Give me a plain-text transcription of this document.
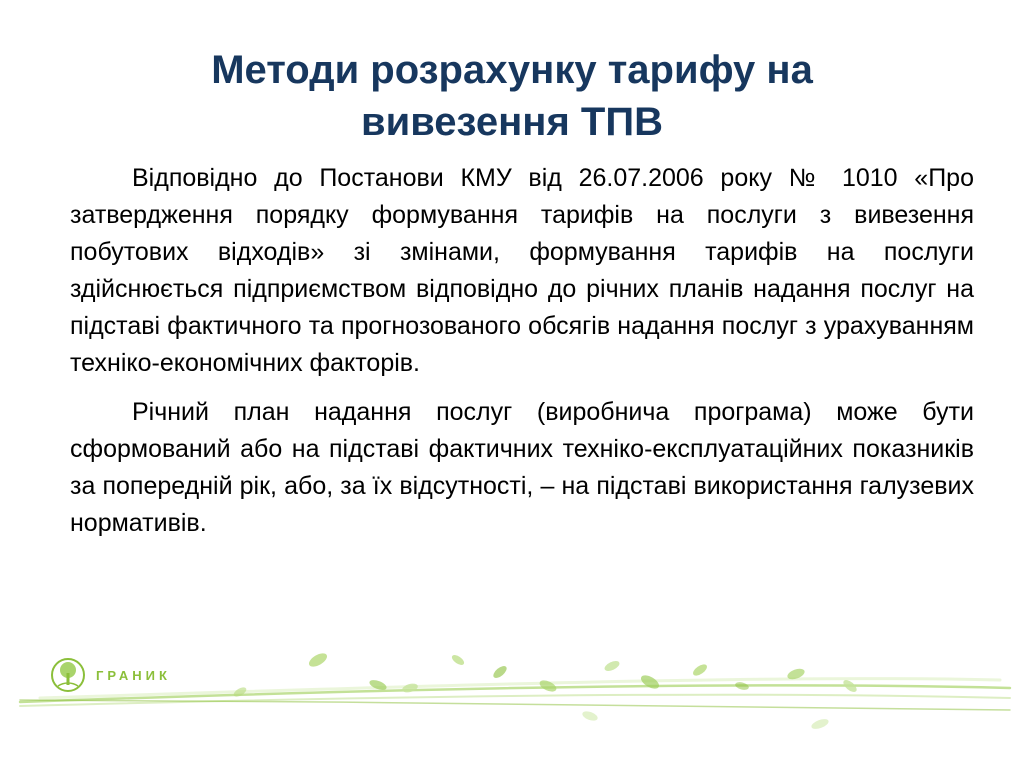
Методи розрахунку тарифу на
вивезення ТПВ

Відповідно до Постанови КМУ від 26.07.2006 року № 1010 «Про затвердження порядку формування тарифів на послуги з вивезення побутових відходів» зі змінами, формування тарифів на послуги здійснюється підприємством відповідно до річних планів надання послуг на підставі фактичного та прогнозованого обсягів надання послуг з урахуванням техніко-економічних факторів.

Річний план надання послуг (виробнича програма) може бути сформований або на підставі фактичних техніко-експлуатаційних показників за попередній рік, або, за їх відсутності, – на підставі використання галузевих нормативів.

ГРАНИК
